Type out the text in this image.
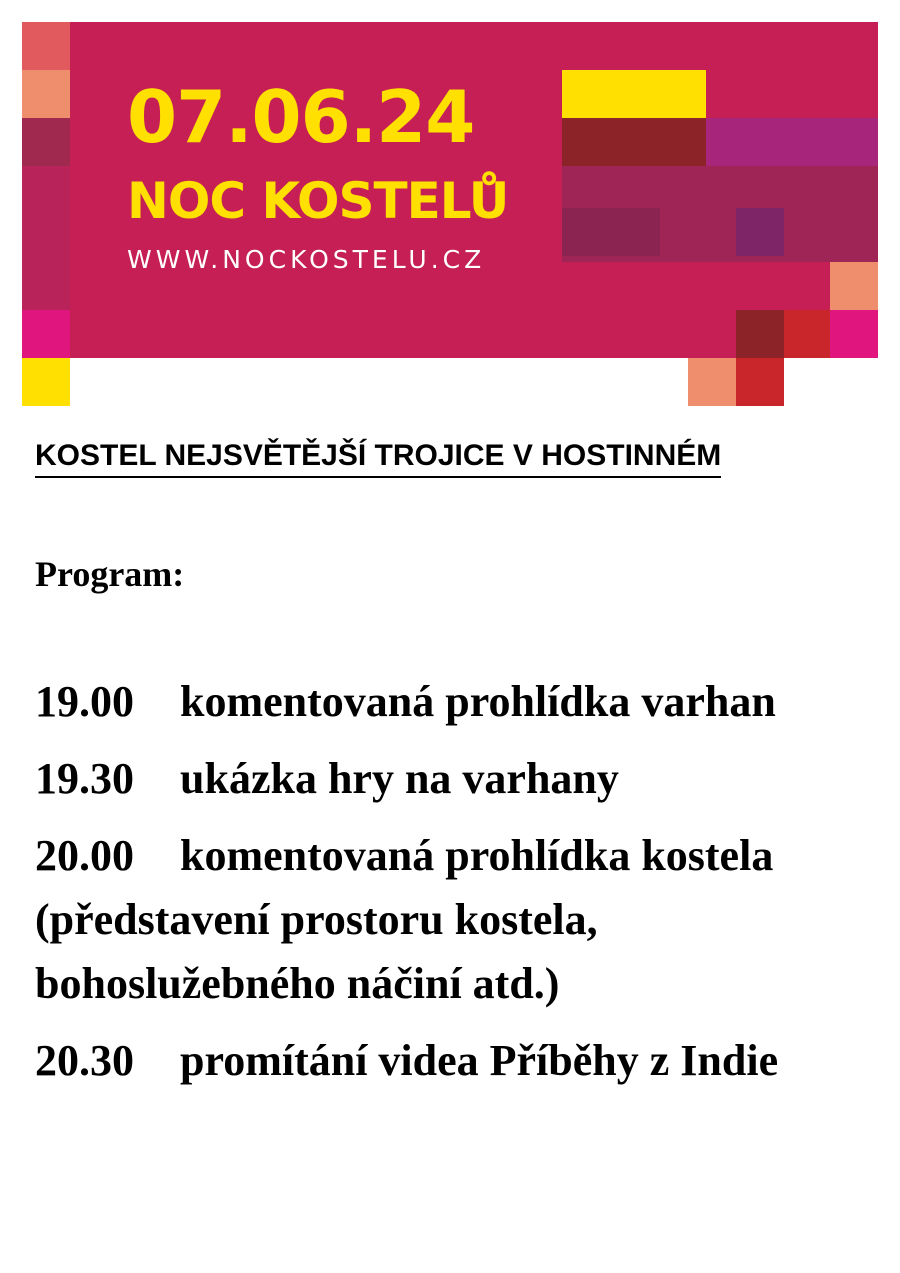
07.06.24
NOC KOSTELŮ
WWW.NOCKOSTELU.CZ
KOSTEL NEJSVĚTĚJŠÍ TROJICE V HOSTINNÉM
Program:
19.00 komentovaná prohlídka varhan
19.30 ukázka hry na varhany
20.00 komentovaná prohlídka kostela
(představení prostoru kostela,
bohoslužebného náčiní atd.)
20.30 promítání videa Příběhy z Indie
